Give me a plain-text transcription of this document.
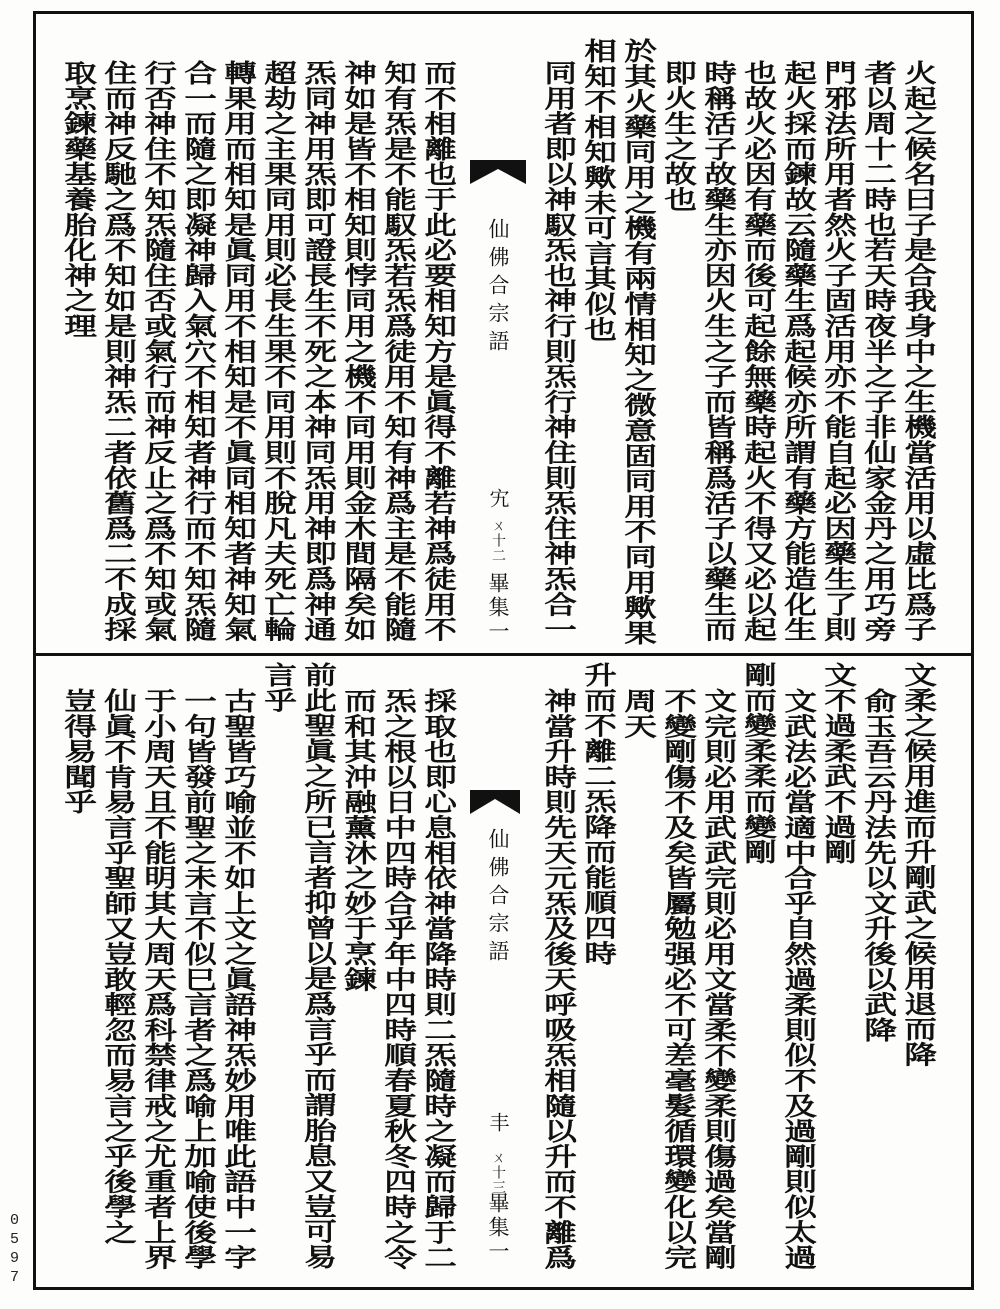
火起之候名曰子是合我身中之生機當活用以虛比爲子
者以周十二時也若天時夜半之子非仙家金丹之用巧旁
門邪法所用者然火子固活用亦不能自起必因藥生了則
起火採而鍊故云隨藥生爲起候亦所謂有藥方能造化生
也故火必因有藥而後可起餘無藥時起火不得又必以起
時稱活子故藥生亦因火生之子而皆稱爲活子以藥生而
即火生之故也
於其火藥同用之機有兩情相知之微意固同用不同用歟果
相知不相知歟未可言其似也
同用者即以神馭炁也神行則炁行神住則炁住神炁合一
仙佛合宗語
宄
ㄨ十二
畢集一
而不相離也于此必要相知方是眞得不離若神爲徒用不
知有炁是不能馭炁若炁爲徒用不知有神爲主是不能隨
神如是皆不相知則悖同用之機不同用則金木間隔矣如
炁同神用炁即可證長生不死之本神同炁用神即爲神通
超劫之主果同用則必長生果不同用則不脫凡夫死亡輪
轉果用而相知是眞同用不相知是不眞同相知者神知氣
合一而隨之即凝神歸入氣穴不相知者神行而不知炁隨
行否神住不知炁隨住否或氣行而神反止之爲不知或氣
住而神反馳之爲不知如是則神炁二者依舊爲二不成採
取烹鍊藥基養胎化神之理
文柔之候用進而升剛武之候用退而降
俞玉吾云丹法先以文升後以武降
文不過柔武不過剛
文武法必當適中合乎自然過柔則似不及過剛則似太過
剛而變柔柔而變剛
文完則必用武武完則必用文當柔不變柔則傷過矣當剛
不變剛傷不及矣皆屬勉强必不可差毫髮循環變化以完
周天
升而不離二炁降而能順四時
神當升時則先天元炁及後天呼吸炁相隨以升而不離爲
仙佛合宗語
丰
ㄨ十三
畢集一
採取也即心息相依神當降時則二炁隨時之凝而歸于二
炁之根以日中四時合乎年中四時順春夏秋冬四時之令
而和其沖融薰沐之妙于烹鍊
前此聖眞之所已言者抑曾以是爲言乎而謂胎息又豈可易
言乎
古聖皆巧喻並不如上文之眞語神炁妙用唯此語中一字
一句皆發前聖之未言不似巳言者之爲喻上加喻使後學
于小周天且不能明其大周天爲科禁律戒之尤重者上界
仙眞不肯易言乎聖師又豈敢輕忽而易言之乎後學之
豈得易聞乎
0597
